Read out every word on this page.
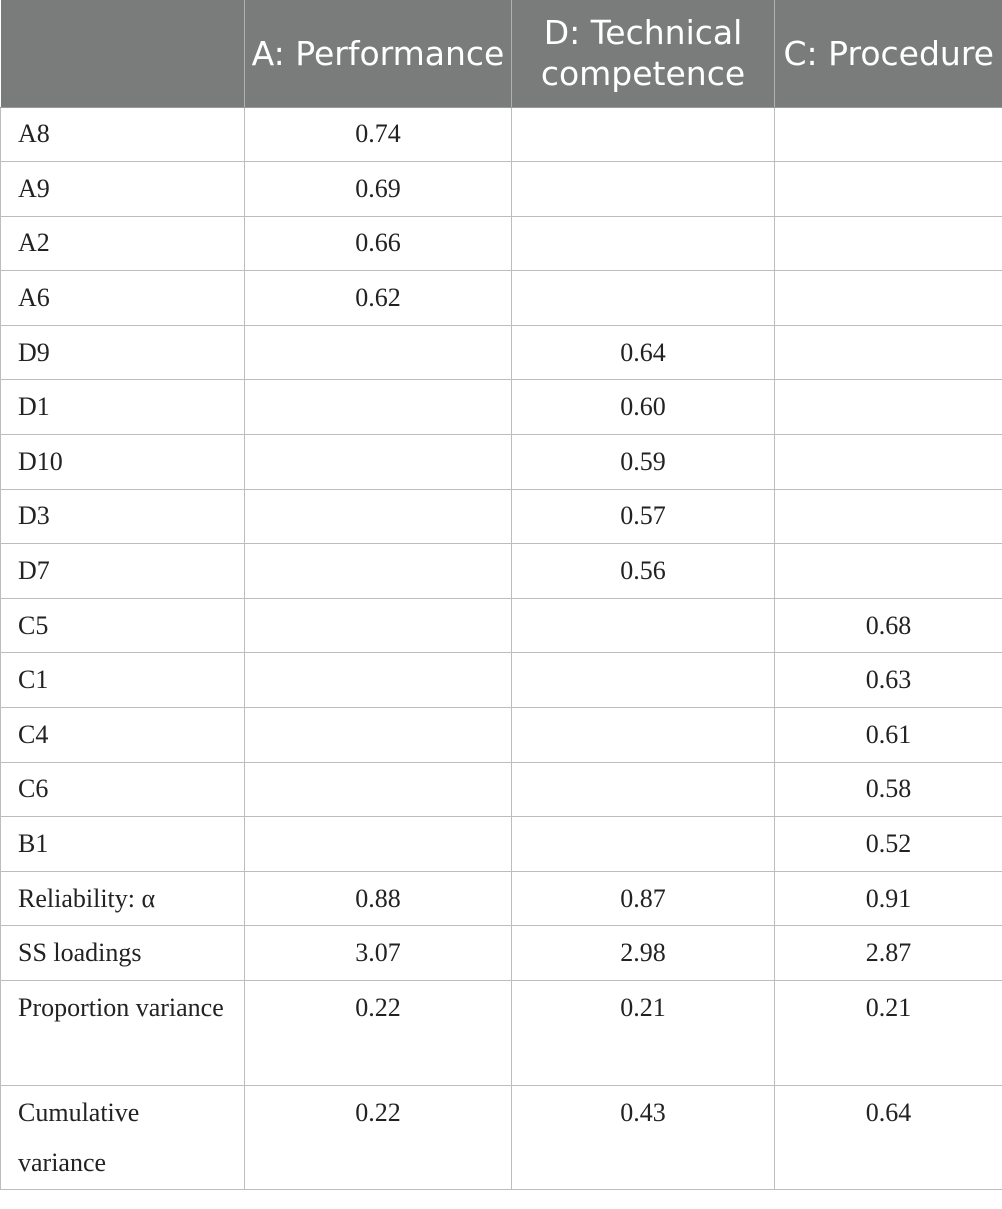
	A: Performance	D: Technical competence	C: Procedure
A8	0.74		
A9	0.69		
A2	0.66		
A6	0.62		
D9		0.64	
D1		0.60	
D10		0.59	
D3		0.57	
D7		0.56	
C5			0.68
C1			0.63
C4			0.61
C6			0.58
B1			0.52
Reliability: α	0.88	0.87	0.91
SS loadings	3.07	2.98	2.87
Proportion variance	0.22	0.21	0.21
Cumulative variance	0.22	0.43	0.64
